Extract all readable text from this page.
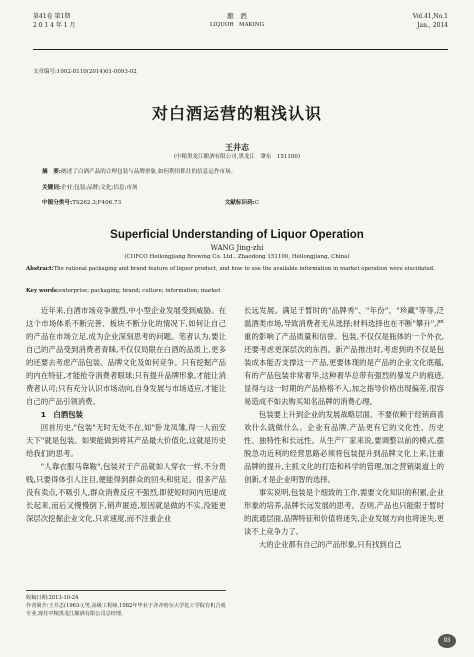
第41卷 第1期
2 0 1 4 年 1 月
酿　酒
LIQUOR　MAKING
Vol.41,No.1
Jan., 2014
文章编号:1002-8110(2014)01-0093-02
对白酒运营的粗浅认识
王井志
(中粮黑龙江酿酒有限公司,黑龙江　肇东　151100)
摘　要:阐述了白酒产品的合理包装与品牌形象,如何利用抓住的信息运作市场。
关键词:企业;包装;品牌;文化;信息;市场
中图分类号:TS262.3;F406.73	文献标识码:C
Superficial Understanding of Liquor Operation
WANG Jing-zhi
(COFCO Heilongjiang Brewing Co. Ltd., Zhaodong 151100, Heilongjiang, China)
Abstract:The rational packaging and brand feature of liquor product, and how to use the available information in market operation were elucidated.
Key words:enterprise; packaging; brand; culture; information; market

近年来,白酒市场竞争激烈,中小型企业发展受到威胁。在这个市场体系不断完善、板块不断分化的情况下,如何让自己的产品在市场立足,成为企业深刻思考的问题。笔者认为,要让自己的产品受到消费者青睐,不仅仅局限在白酒的品质上,更多的还要去考虑产品包装、品牌文化及如何竞争。只有挖掘产品的内在特征,才能抢夺消费者眼球;只有提升品牌形象,才能让消费者认可;只有充分认识市场动向,自身发展与市场适应,才能让自己的产品引领消费。

1　白酒包装

回首历史,"包装"无时无处不在,如"卧龙凤雏,得一人而安天下"就是包装。如果能做到将其产品最大价值化,这就是历史给我们的思考。

"人靠衣服马靠鞍",包装对于产品就如人穿衣一样,不分贵贱,只要得体引人注目,便能得到群众的回头和驻足。很多产品没有卖点,不吸引人,群众消费反应不强烈,即使短时间内迅速成长起来,而后又慢慢倒下,销声匿迹,原因就是做的不实,没能更深层次挖掘企业文化,只求速度,而不注重企业

长远发展。满足于暂时的"品牌秀"、"年份"、"珍藏"等等,泛滥酒类市场,导致消费者无从选择;材料选择也在不断"攀升",严重的影响了产品质量和信誉。包装,不仅仅是瓶体的一个外衣,还要考虑更深层次的东西。新产品推出时,考虑到的不仅是包装成本能否支撑这一产品,更要体现的是产品的企业文化底蕴,有的产品包装非常奢华,这种奢华总带有强烈的暴发户的痕迹,显得与这一时期的产品格格不入,加之指导价格出现偏差,很容易造成不如去购买知名品牌的消费心理。

包装要上升到企业的发展战略层面。不要依赖于经销商喜欢什么就做什么。企业有品牌,产品更有它的文化性、历史性、独特性和长远性。从生产厂家来说,要调整以前的模式,摆脱急功近利的经营思路必须将包装提升到品牌文化上来,注重品牌的提升,主抓文化的打造和科学的管理,加之营销渠道上的创新,才是企业明智的选择。

事实说明,包装是个细致的工作,需要文化知识的积累,企业形象的培养,品牌长远发展的思考。否则,产品也只能限于暂时的流通层面,品牌特征和价值将迷失,企业发展方向也将迷失,更谈不上竞争力了。

大的企业都有自己的产品形象,只有找到自己

收稿日期:2013-10-24
作者简介:王井志(1963-),男,高级工程师,1982年毕业于齐齐哈尔大学化工学院有机合成专业,现任中粮黑龙江酿酒有限公司总经理。
93
